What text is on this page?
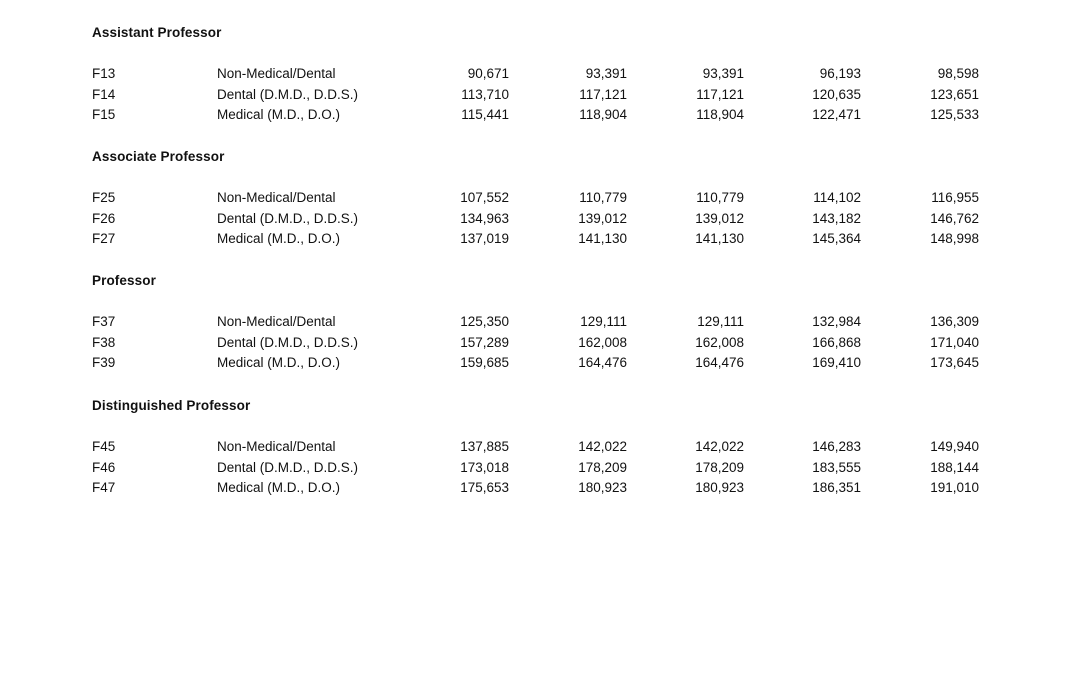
Assistant Professor
F13	Non-Medical/Dental	90,671	93,391	93,391	96,193	98,598
F14	Dental (D.M.D., D.D.S.)	113,710	117,121	117,121	120,635	123,651
F15	Medical (M.D., D.O.)	115,441	118,904	118,904	122,471	125,533
Associate Professor
F25	Non-Medical/Dental	107,552	110,779	110,779	114,102	116,955
F26	Dental (D.M.D., D.D.S.)	134,963	139,012	139,012	143,182	146,762
F27	Medical (M.D., D.O.)	137,019	141,130	141,130	145,364	148,998
Professor
F37	Non-Medical/Dental	125,350	129,111	129,111	132,984	136,309
F38	Dental (D.M.D., D.D.S.)	157,289	162,008	162,008	166,868	171,040
F39	Medical (M.D., D.O.)	159,685	164,476	164,476	169,410	173,645
Distinguished Professor
F45	Non-Medical/Dental	137,885	142,022	142,022	146,283	149,940
F46	Dental (D.M.D., D.D.S.)	173,018	178,209	178,209	183,555	188,144
F47	Medical (M.D., D.O.)	175,653	180,923	180,923	186,351	191,010
